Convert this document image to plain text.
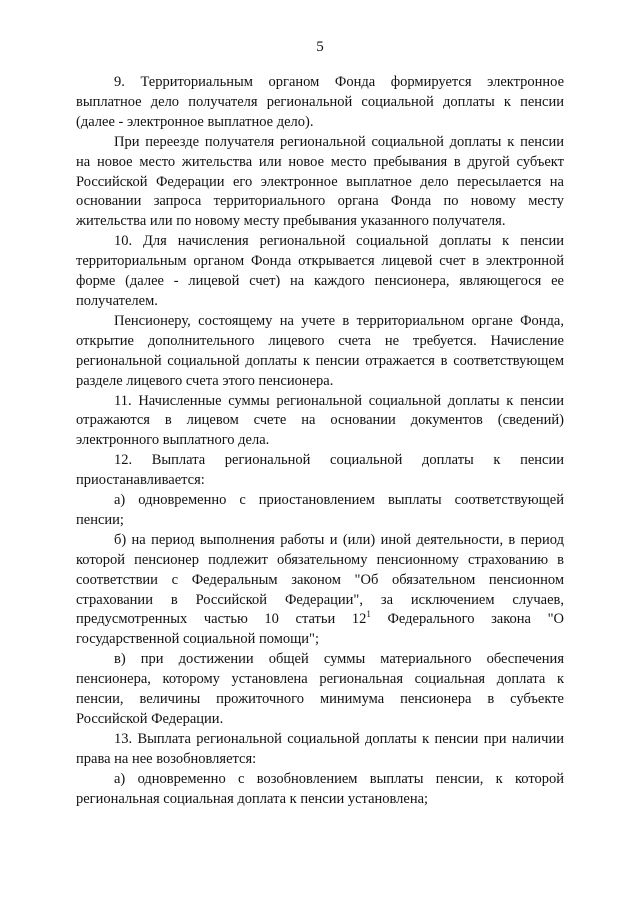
5

9. Территориальным органом Фонда формируется электронное выплатное дело получателя региональной социальной доплаты к пенсии (далее - электронное выплатное дело).

При переезде получателя региональной социальной доплаты к пенсии на новое место жительства или новое место пребывания в другой субъект Российской Федерации его электронное выплатное дело пересылается на основании запроса территориального органа Фонда по новому месту жительства или по новому месту пребывания указанного получателя.

10. Для начисления региональной социальной доплаты к пенсии территориальным органом Фонда открывается лицевой счет в электронной форме (далее - лицевой счет) на каждого пенсионера, являющегося ее получателем.

Пенсионеру, состоящему на учете в территориальном органе Фонда, открытие дополнительного лицевого счета не требуется. Начисление региональной социальной доплаты к пенсии отражается в соответствующем разделе лицевого счета этого пенсионера.

11. Начисленные суммы региональной социальной доплаты к пенсии отражаются в лицевом счете на основании документов (сведений) электронного выплатного дела.

12. Выплата региональной социальной доплаты к пенсии приостанавливается:

а) одновременно с приостановлением выплаты соответствующей пенсии;

б) на период выполнения работы и (или) иной деятельности, в период которой пенсионер подлежит обязательному пенсионному страхованию в соответствии с Федеральным законом "Об обязательном пенсионном страховании в Российской Федерации", за исключением случаев, предусмотренных частью 10 статьи $12^1$ Федерального закона "О государственной социальной помощи";

в) при достижении общей суммы материального обеспечения пенсионера, которому установлена региональная социальная доплата к пенсии, величины прожиточного минимума пенсионера в субъекте Российской Федерации.

13. Выплата региональной социальной доплаты к пенсии при наличии права на нее возобновляется:

а) одновременно с возобновлением выплаты пенсии, к которой региональная социальная доплата к пенсии установлена;
